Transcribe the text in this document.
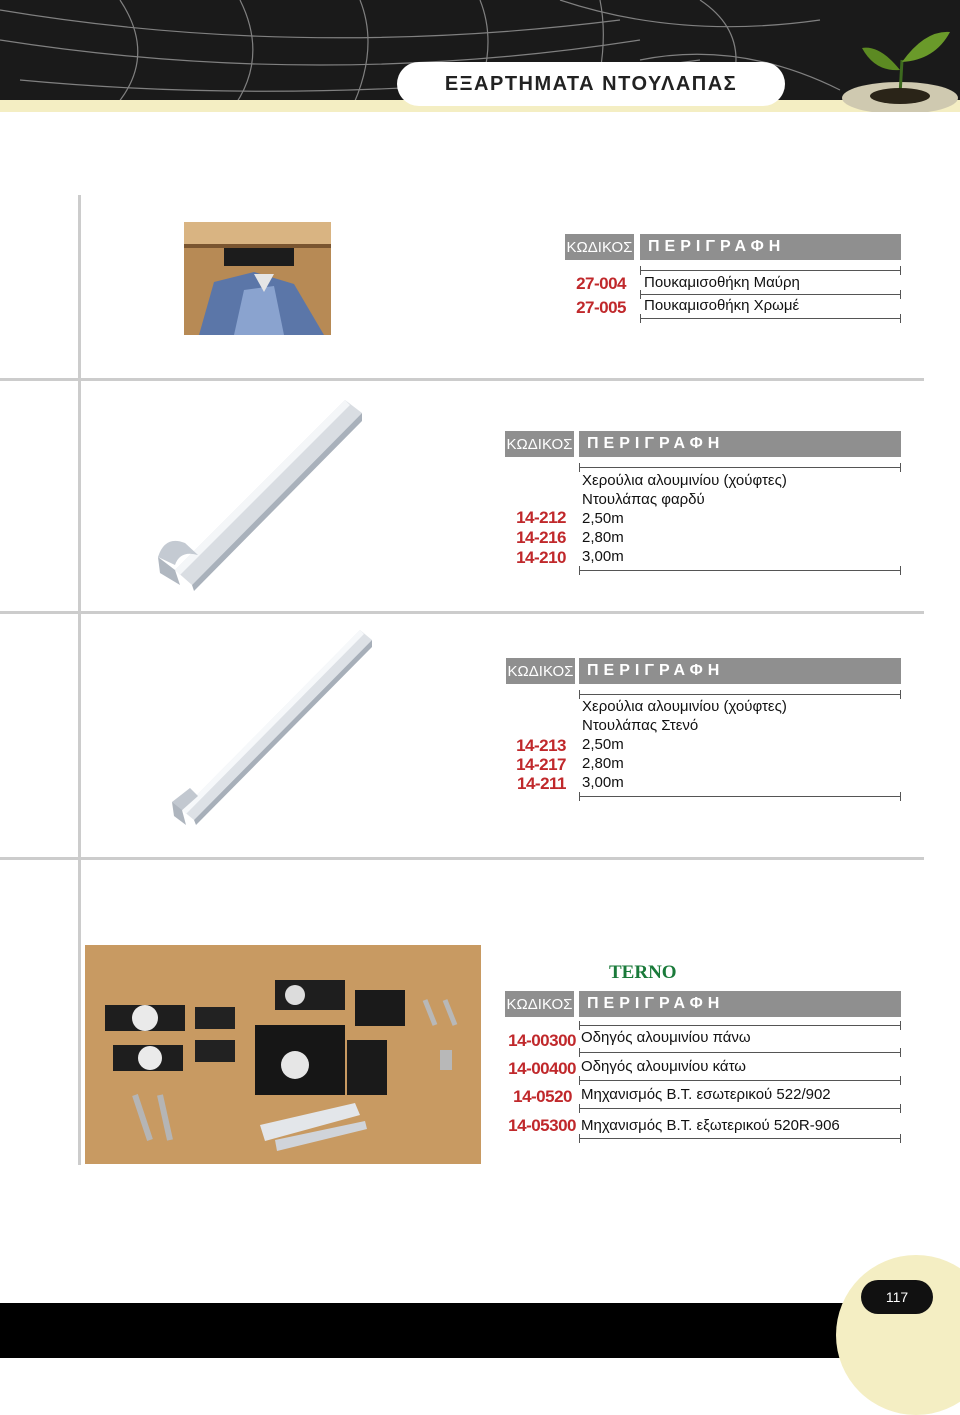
ΕΞΑΡΤΗΜΑΤΑ ΝΤΟΥΛΑΠΑΣ
ΚΩΔΙΚΟΣ ΠΕΡΙΓΡΑΦΗ
27-004 Πουκαμισοθήκη Μαύρη
27-005 Πουκαμισοθήκη Χρωμέ
ΚΩΔΙΚΟΣ ΠΕΡΙΓΡΑΦΗ
Χερούλια αλουμινίου (χούφτες)
Ντουλάπας φαρδύ
2,50m
2,80m
3,00m
14-212
14-216
14-210
ΚΩΔΙΚΟΣ ΠΕΡΙΓΡΑΦΗ
Χερούλια αλουμινίου (χούφτες)
Ντουλάπας Στενό
2,50m
2,80m
3,00m
14-213
14-217
14-211
TERNO
ΚΩΔΙΚΟΣ ΠΕΡΙΓΡΑΦΗ
14-00300 Οδηγός αλουμινίου πάνω
14-00400 Οδηγός αλουμινίου κάτω
14-0520 Μηχανισμός Β.Τ. εσωτερικού 522/902
14-05300 Μηχανισμός Β.Τ. εξωτερικού 520R-906
117
